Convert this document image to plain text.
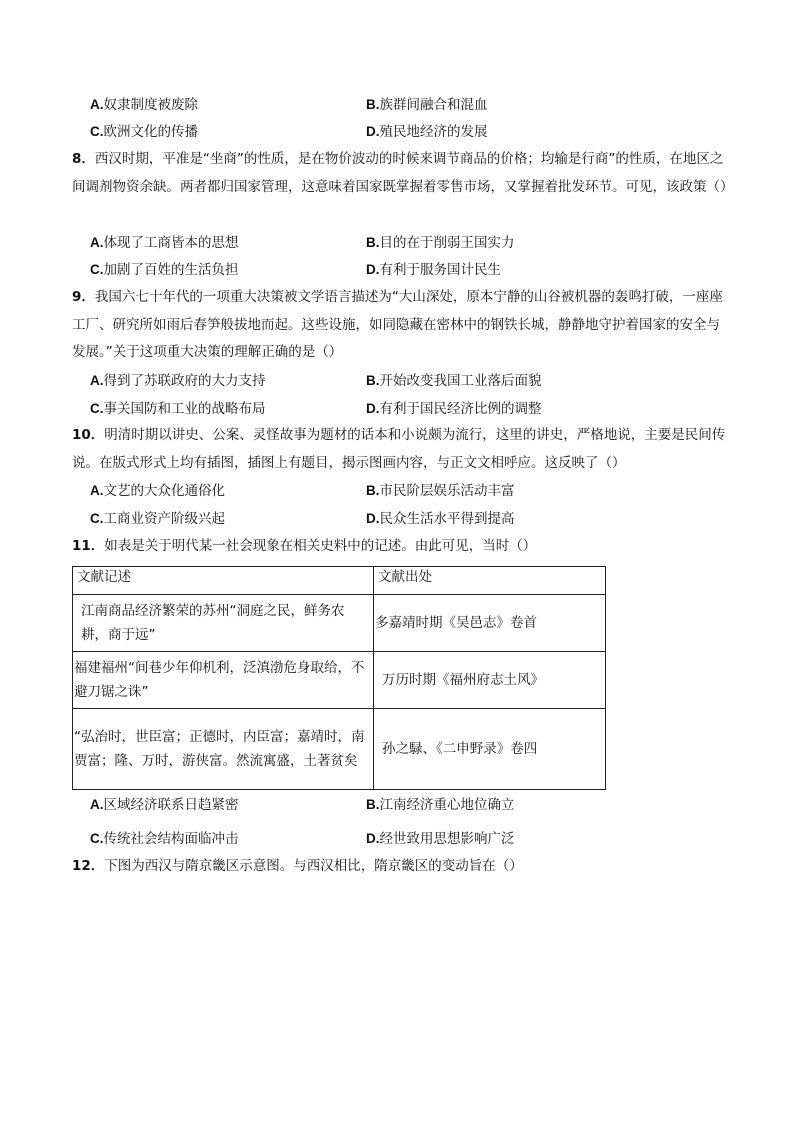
A.奴隶制度被废除	B.族群间融合和混血
C.欧洲文化的传播	D.殖民地经济的发展
8．西汉时期，平准是“坐商”的性质，是在物价波动的时候来调节商品的价格；均输是行商”的性质，在地区之间调剂物资余缺。两者都归国家管理，这意味着国家既掌握着零售市场，又掌握着批发环节。可见，该政策（）
A.体现了工商皆本的思想	B.目的在于削弱王国实力
C.加剧了百姓的生活负担	D.有利于服务国计民生
9．我国六七十年代的一项重大决策被文学语言描述为“大山深处，原本宁静的山谷被机器的轰鸣打破，一座座工厂、研究所如雨后春笋般拔地而起。这些设施，如同隐藏在密林中的钢铁长城，静静地守护着国家的安全与发展。”关于这项重大决策的理解正确的是（）
A.得到了苏联政府的大力支持	B.开始改变我国工业落后面貌
C.事关国防和工业的战略布局	D.有利于国民经济比例的调整
10．明清时期以讲史、公案、灵怪故事为题材的话本和小说颇为流行，这里的讲史，严格地说，主要是民间传说。在版式形式上均有插图，插图上有题目，揭示图画内容，与正文文相呼应。这反映了（）
A.文艺的大众化通俗化	B.市民阶层娱乐活动丰富
C.工商业资产阶级兴起	D.民众生活水平得到提高
11．如表是关于明代某一社会现象在相关史料中的记述。由此可见，当时（）
文献记述	文献出处
江南商品经济繁荣的苏州“洞庭之民，鲜务农耕，商于远”	多嘉靖时期《吴邑志》卷首
福建福州“间巷少年仰机利，泛滇渤危身取给，不避刀锯之诛”	万历时期《福州府志土风》
“弘治时，世臣富；正德时，内臣富；嘉靖时，南贾富；隆、万时，游侠富。然流寓盛，土著贫矣	孙之騄、《二申野录》卷四
A.区域经济联系日趋紧密	B.江南经济重心地位确立
C.传统社会结构面临冲击	D.经世致用思想影响广泛
12．下图为西汉与隋京畿区示意图。与西汉相比，隋京畿区的变动旨在（）
